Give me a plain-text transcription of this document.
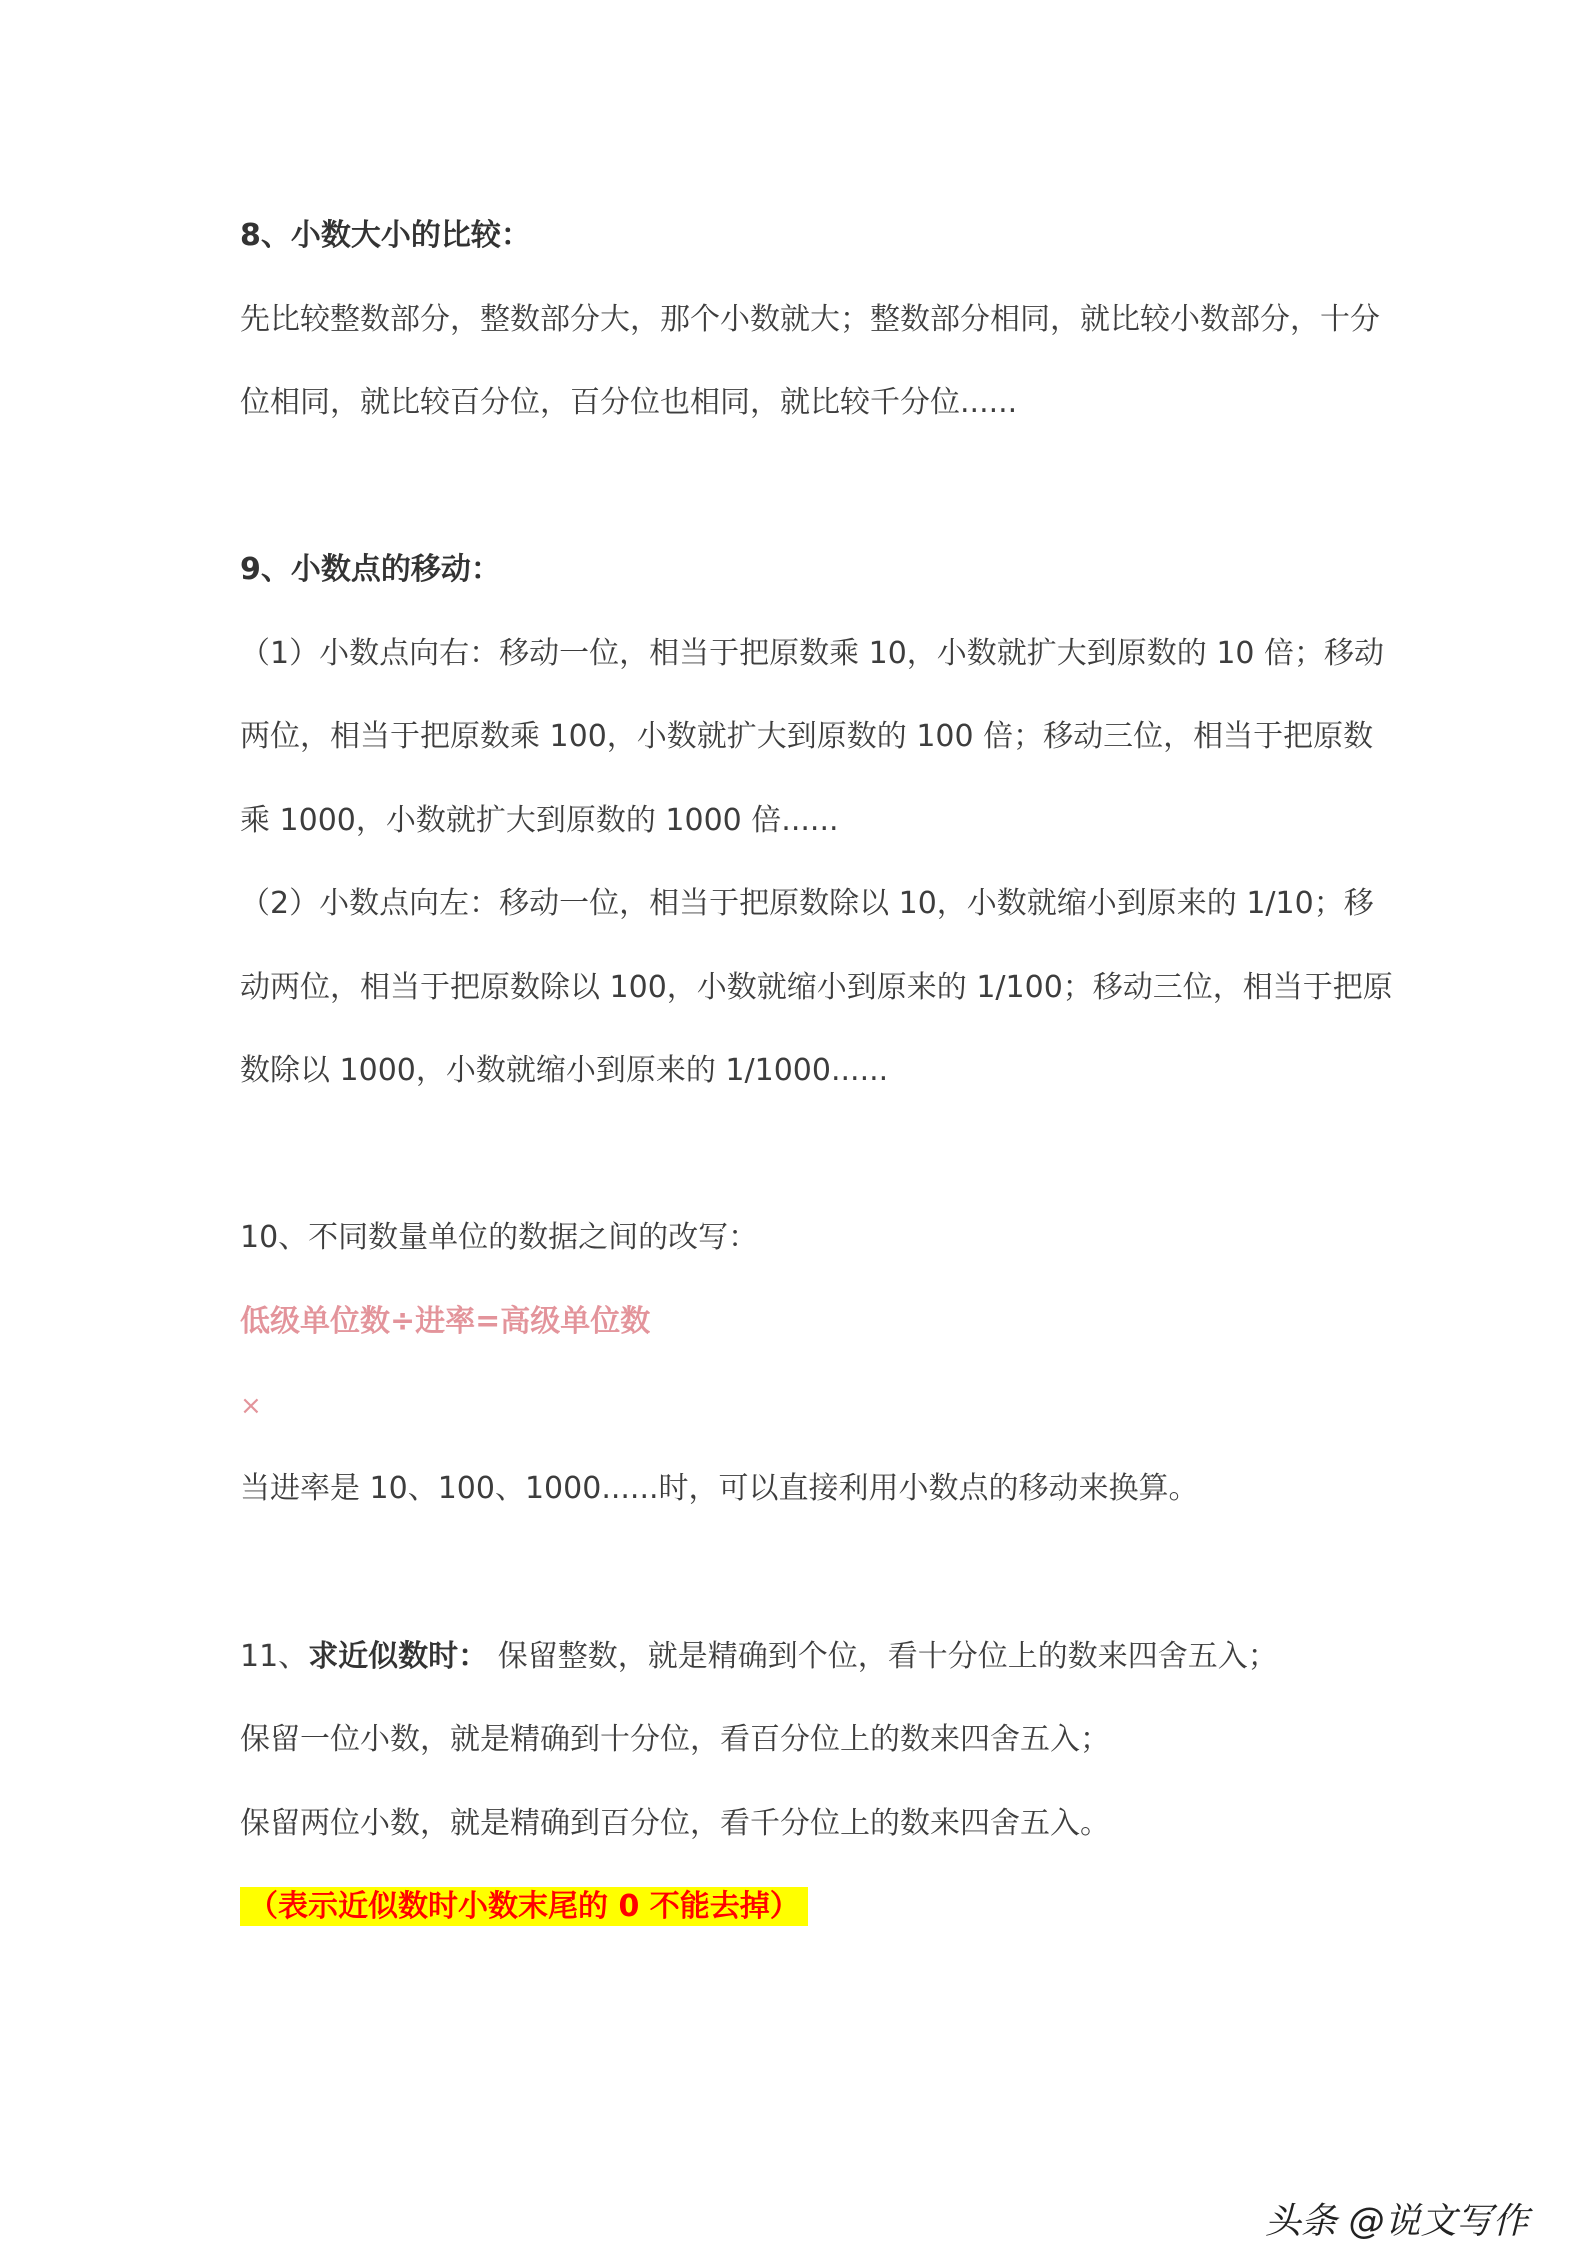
8、小数大小的比较：
先比较整数部分，整数部分大，那个小数就大；整数部分相同，就比较小数部分，十分
位相同，就比较百分位，百分位也相同，就比较千分位......
9、小数点的移动：
（1）小数点向右：移动一位，相当于把原数乘 10，小数就扩大到原数的 10 倍；移动
两位，相当于把原数乘 100，小数就扩大到原数的 100 倍；移动三位，相当于把原数
乘 1000，小数就扩大到原数的 1000 倍......
（2）小数点向左：移动一位，相当于把原数除以 10，小数就缩小到原来的 1/10；移
动两位，相当于把原数除以 100，小数就缩小到原来的 1/100；移动三位，相当于把原
数除以 1000，小数就缩小到原来的 1/1000......
10、不同数量单位的数据之间的改写：
低级单位数÷进率=高级单位数
×
当进率是 10、100、1000......时，可以直接利用小数点的移动来换算。
11、求近似数时： 保留整数，就是精确到个位，看十分位上的数来四舍五入；
保留一位小数，就是精确到十分位，看百分位上的数来四舍五入；
保留两位小数，就是精确到百分位，看千分位上的数来四舍五入。
（表示近似数时小数末尾的 0 不能去掉）
头条 @说文写作
